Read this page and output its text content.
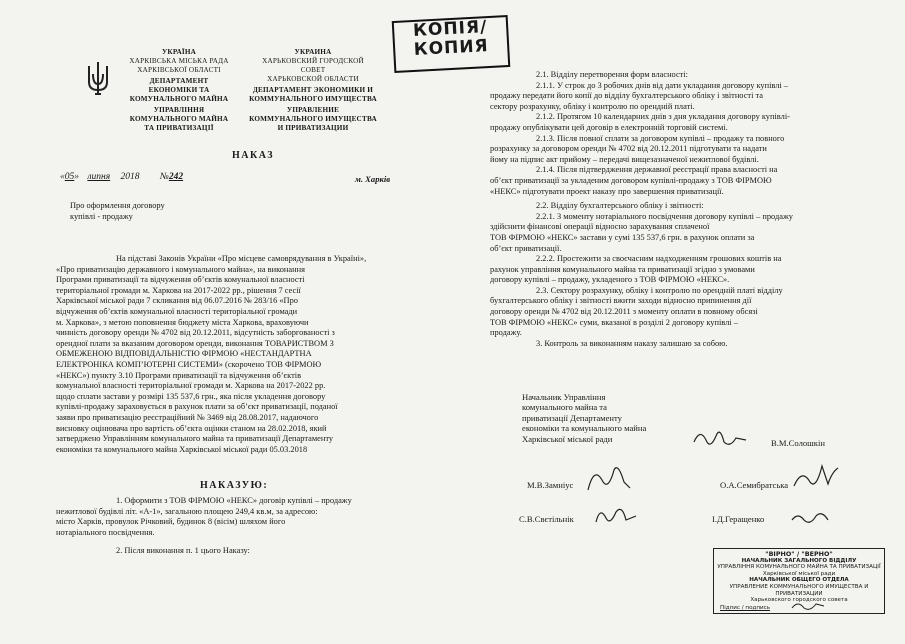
УКРАЇНА
ХАРКІВСЬКА МІСЬКА РАДА
ХАРКІВСЬКОЇ ОБЛАСТІ
ДЕПАРТАМЕНТ
ЕКОНОМІКИ ТА
КОМУНАЛЬНОГО МАЙНА
УПРАВЛІННЯ
КОМУНАЛЬНОГО МАЙНА
ТА ПРИВАТИЗАЦІЇ
УКРАИНА
ХАРЬКОВСКИЙ ГОРОДСКОЙ
СОВЕТ
ХАРЬКОВСКОЙ ОБЛАСТИ
ДЕПАРТАМЕНТ ЭКОНОМИКИ И
КОММУНАЛЬНОГО ИМУЩЕСТВА
УПРАВЛЕНИЕ
КОММУНАЛЬНОГО ИМУЩЕСТВА
И ПРИВАТИЗАЦИИ
КОПІЯ/
КОПИЯ
НАКАЗ
«05» липня 2018 №242	м. Харків
Про оформлення договору
купівлі - продажу
На підставі Законів України «Про місцеве самоврядування в Україні»,
«Про приватизацію державного і комунального майна», на виконання
Програми приватизації та відчуження об’єктів комунальної власності
територіальної громади м. Харкова на 2017-2022 рр., рішення 7 сесії
Харківської міської ради 7 скликання від 06.07.2016 № 283/16 «Про
відчуження об’єктів комунальної власності територіальної громади
м. Харкова», з метою поповнення бюджету міста Харкова, враховуючи
чинність договору оренди № 4702 від 20.12.2011, відсутність заборгованості з
орендної плати за вказаним договором оренди, виконання ТОВАРИСТВОМ З
ОБМЕЖЕНОЮ ВІДПОВІДАЛЬНІСТЮ ФІРМОЮ «НЕСТАНДАРТНА
ЕЛЕКТРОНІКА КОМП’ЮТЕРНІ СИСТЕМИ» (скорочено ТОВ ФІРМОЮ
«НЕКС») пункту 3.10 Програми приватизації та відчуження об’єктів
комунальної власності територіальної громади м. Харкова на 2017-2022 рр.
щодо сплати застави у розмірі 135 537,6 грн., яка після укладення договору
купівлі-продажу зараховується в рахунок плати за об’єкт приватизації, поданої
заяви про приватизацію реєстраційний № 3469 від 28.08.2017, надаючого
висновку оцінювача про вартість об’єкта оцінки станом на 28.02.2018, який
затверджено Управлінням комунального майна та приватизації Департаменту
економіки та комунального майна Харківської міської ради 05.03.2018
НАКАЗУЮ:
1. Оформити з ТОВ ФІРМОЮ «НЕКС» договір купівлі – продажу
нежитлової будівлі літ. «А-1», загальною площею 249,4 кв.м, за адресою:
місто Харків, провулок Річковий, будинок 8 (вісім) шляхом його
нотаріального посвідчення.
2. Після виконання п. 1 цього Наказу:
2.1. Відділу перетворення форм власності:
2.1.1. У строк до 3 робочих днів від дати укладання договору купівлі –
продажу передати його копії до відділу бухгалтерського обліку і звітності та
сектору розрахунку, обліку і контролю по орендній платі.
2.1.2. Протягом 10 календарних днів з дня укладання договору купівлі-
продажу опублікувати цей договір в електронній торговій системі.
2.1.3. Після повної сплати за договором купівлі – продажу та повного
розрахунку за договором оренди № 4702 від 20.12.2011 підготувати та надати
йому на підпис акт прийому – передачі вищезазначеної нежитлової будівлі.
2.1.4. Після підтвердження державної реєстрації права власності на
об’єкт приватизації за укладеним договором купівлі-продажу з ТОВ ФІРМОЮ
«НЕКС» підготувати проект наказу про завершення приватизації.
2.2. Відділу бухгалтерського обліку і звітності:
2.2.1. З моменту нотаріального посвідчення договору купівлі – продажу
здійснити фінансові операції відносно зарахування сплаченої
ТОВ ФІРМОЮ «НЕКС» застави у сумі 135 537,6 грн. в рахунок оплати за
об’єкт приватизації.
2.2.2. Простежити за своєчасним надходженням грошових коштів на
рахунок управління комунального майна та приватизації згідно з умовами
договору купівлі – продажу, укладеного з ТОВ ФІРМОЮ «НЕКС».
2.3. Сектору розрахунку, обліку і контролю по орендній платі відділу
бухгалтерського обліку і звітності вжити заходи відносно припинення дії
договору оренди № 4702 від 20.12.2011 з моменту оплати в повному обсязі
ТОВ ФІРМОЮ «НЕКС» суми, вказаної в розділі 2 договору купівлі –
продажу.
3. Контроль за виконанням наказу залишаю за собою.
Начальник Управління
комунального майна та
приватизації Департаменту
економіки та комунального майна
Харківської міської ради	В.М.Солошкін
М.В.Замніус	О.А.Семибратська
С.В.Свєтільнік	І.Д.Геращенко
"ВІРНО" / "ВЕРНО"
НАЧАЛЬНИК ЗАГАЛЬНОГО ВІДДІЛУ
УПРАВЛІННЯ КОМУНАЛЬНОГО МАЙНА ТА ПРИВАТИЗАЦІЇ
Харківської міської ради
НАЧАЛЬНИК ОБЩЕГО ОТДЕЛА
УПРАВЛЕНИЕ КОММУНАЛЬНОГО ИМУЩЕСТВА И ПРИВАТИЗАЦИИ
Харьковского городского совета
Підпис / подпись
